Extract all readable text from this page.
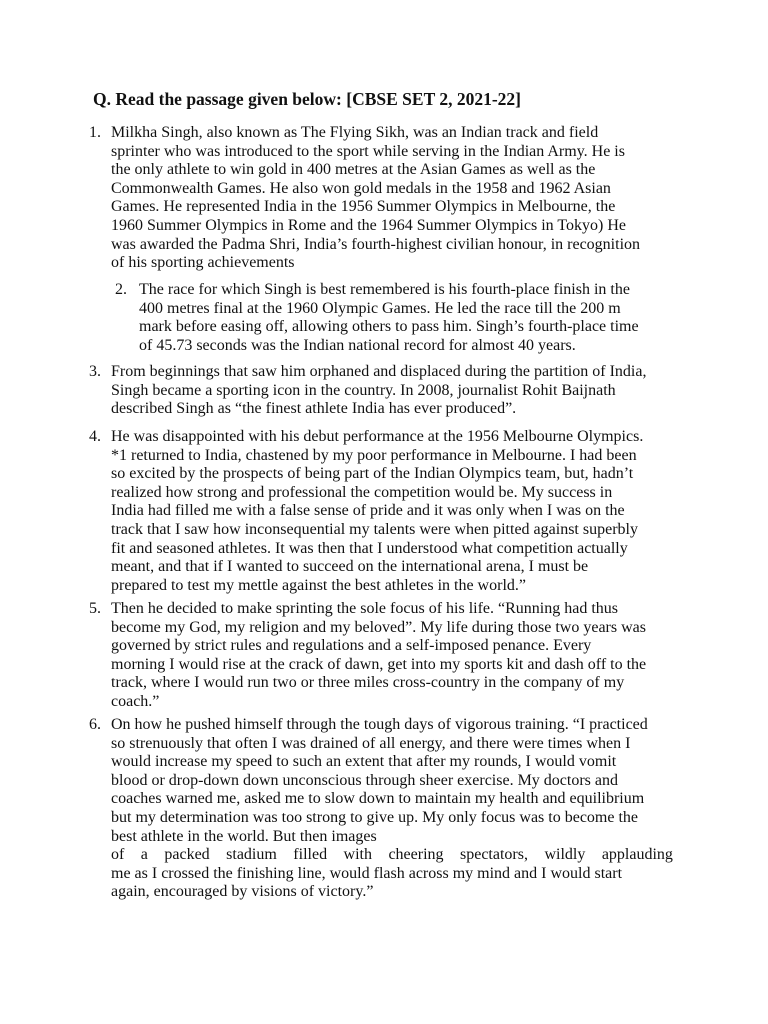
Q. Read the passage given below: [CBSE SET 2, 2021-22]
1. Milkha Singh, also known as The Flying Sikh, was an Indian track and field
sprinter who was introduced to the sport while serving in the Indian Army. He is
the only athlete to win gold in 400 metres at the Asian Games as well as the
Commonwealth Games. He also won gold medals in the 1958 and 1962 Asian
Games. He represented India in the 1956 Summer Olympics in Melbourne, the
1960 Summer Olympics in Rome and the 1964 Summer Olympics in Tokyo) He
was awarded the Padma Shri, India’s fourth-highest civilian honour, in recognition
of his sporting achievements
2. The race for which Singh is best remembered is his fourth-place finish in the
400 metres final at the 1960 Olympic Games. He led the race till the 200 m
mark before easing off, allowing others to pass him. Singh’s fourth-place time
of 45.73 seconds was the Indian national record for almost 40 years.
3. From beginnings that saw him orphaned and displaced during the partition of India,
Singh became a sporting icon in the country. In 2008, journalist Rohit Baijnath
described Singh as “the finest athlete India has ever produced”.
4. He was disappointed with his debut performance at the 1956 Melbourne Olympics.
*1 returned to India, chastened by my poor performance in Melbourne. I had been
so excited by the prospects of being part of the Indian Olympics team, but, hadn’t
realized how strong and professional the competition would be. My success in
India had filled me with a false sense of pride and it was only when I was on the
track that I saw how inconsequential my talents were when pitted against superbly
fit and seasoned athletes. It was then that I understood what competition actually
meant, and that if I wanted to succeed on the international arena, I must be
prepared to test my mettle against the best athletes in the world.”
5. Then he decided to make sprinting the sole focus of his life. “Running had thus
become my God, my religion and my beloved”. My life during those two years was
governed by strict rules and regulations and a self-imposed penance. Every
morning I would rise at the crack of dawn, get into my sports kit and dash off to the
track, where I would run two or three miles cross-country in the company of my
coach.”
6. On how he pushed himself through the tough days of vigorous training. “I practiced
so strenuously that often I was drained of all energy, and there were times when I
would increase my speed to such an extent that after my rounds, I would vomit
blood or drop-down down unconscious through sheer exercise. My doctors and
coaches warned me, asked me to slow down to maintain my health and equilibrium
but my determination was too strong to give up. My only focus was to become the
best athlete in the world. But then images
of a packed stadium filled with cheering spectators, wildly applauding
me as I crossed the finishing line, would flash across my mind and I would start
again, encouraged by visions of victory.”
